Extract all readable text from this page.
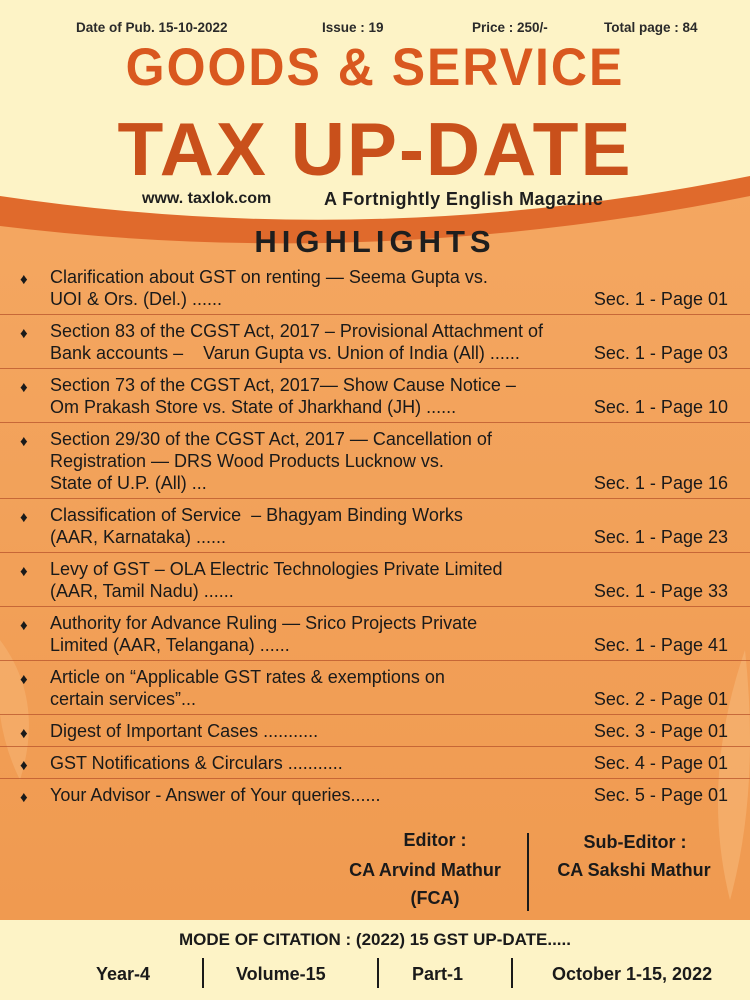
Date of Pub. 15-10-2022	Issue : 19	Price : 250/-	Total page : 84
GOODS & SERVICE
TAX UP-DATE
www. taxlok.com	A Fortnightly English Magazine
HIGHLIGHTS
♦ Clarification about GST on renting — Seema Gupta vs.
UOI & Ors. (Del.) ......	Sec. 1 - Page 01
♦ Section 83 of the CGST Act, 2017 – Provisional Attachment of
Bank accounts –    Varun Gupta vs. Union of India (All) ......	Sec. 1 - Page 03
♦ Section 73 of the CGST Act, 2017— Show Cause Notice –
Om Prakash Store vs. State of Jharkhand (JH) ......	Sec. 1 - Page 10
♦ Section 29/30 of the CGST Act, 2017 — Cancellation of
Registration — DRS Wood Products Lucknow vs.
State of U.P. (All) ...	Sec. 1 - Page 16
♦ Classification of Service  – Bhagyam Binding Works
(AAR, Karnataka) ......	Sec. 1 - Page 23
♦ Levy of GST – OLA Electric Technologies Private Limited
(AAR, Tamil Nadu) ......	Sec. 1 - Page 33
♦ Authority for Advance Ruling — Srico Projects Private
Limited (AAR, Telangana) ......	Sec. 1 - Page 41
♦ Article on “Applicable GST rates & exemptions on
certain services”...	Sec. 2 - Page 01
♦ Digest of Important Cases ...........	Sec. 3 - Page 01
♦ GST Notifications & Circulars ...........	Sec. 4 - Page 01
♦ Your Advisor - Answer of Your queries......	Sec. 5 - Page 01
Editor :
CA Arvind Mathur
(FCA)
Sub-Editor :
CA Sakshi Mathur
MODE OF CITATION : (2022) 15 GST UP-DATE.....
Year-4	Volume-15	Part-1	October 1-15, 2022
